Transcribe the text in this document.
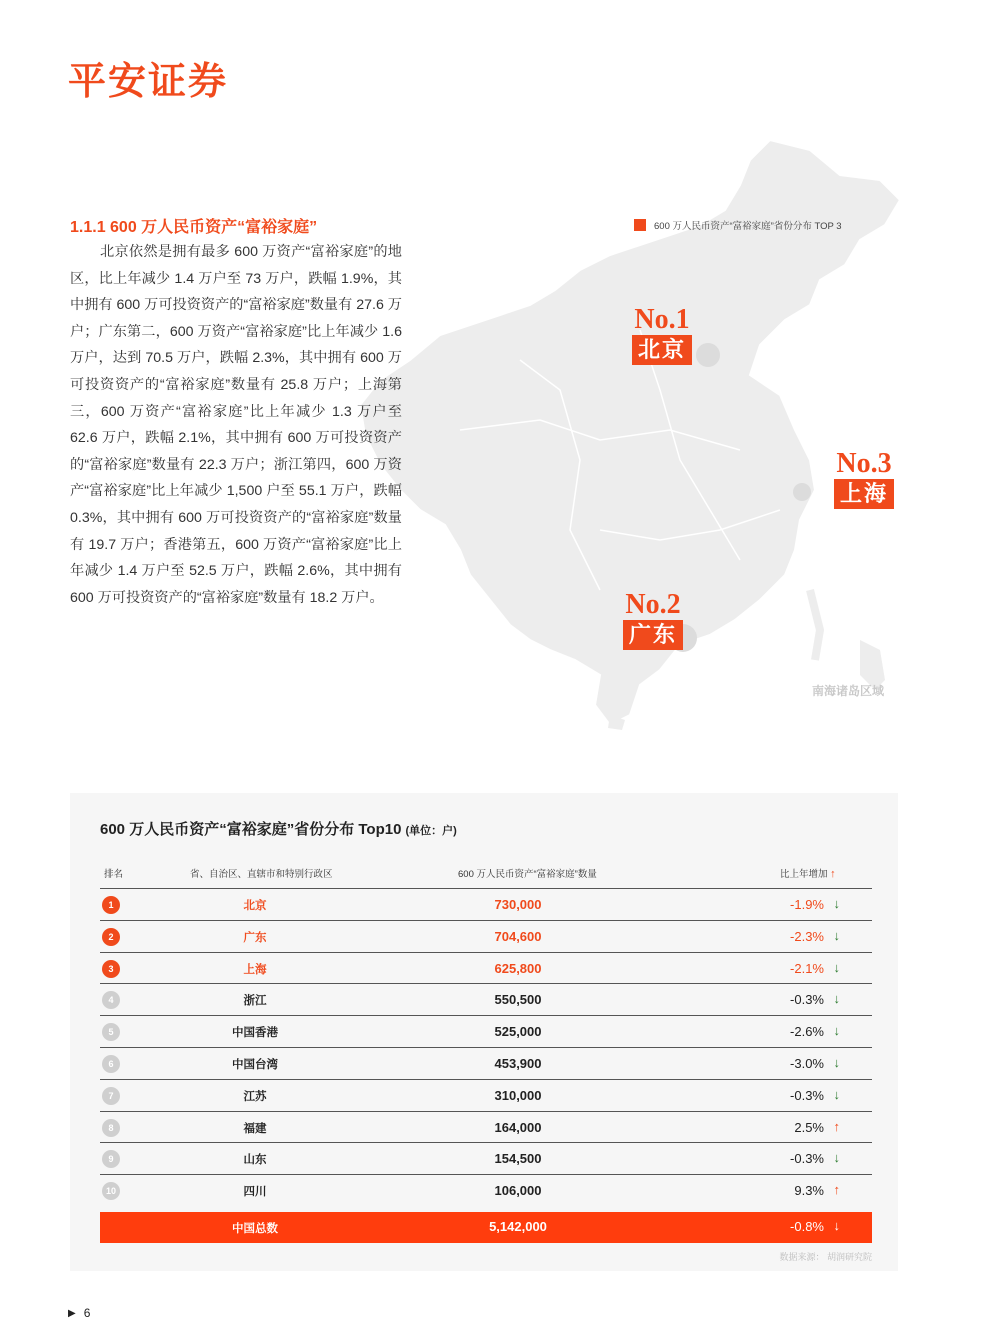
平安证券
600 万人民币资产“富裕家庭”省份分布 TOP 3
No.1
北京
No.2
广东
No.3
上海
南海诸岛区域
1.1.1 600 万人民币资产“富裕家庭”
北京依然是拥有最多 600 万资产“富裕家庭”的地区，比上年减少 1.4 万户至 73 万户，跌幅 1.9%，其中拥有 600 万可投资资产的“富裕家庭”数量有 27.6 万户；广东第二，600 万资产“富裕家庭”比上年减少 1.6 万户，达到 70.5 万户，跌幅 2.3%，其中拥有 600 万可投资资产的“富裕家庭”数量有 25.8 万户；上海第三，600 万资产“富裕家庭”比上年减少 1.3 万户至 62.6 万户，跌幅 2.1%，其中拥有 600 万可投资资产的“富裕家庭”数量有 22.3 万户；浙江第四，600 万资产“富裕家庭”比上年减少 1,500 户至 55.1 万户，跌幅 0.3%，其中拥有 600 万可投资资产的“富裕家庭”数量有 19.7 万户；香港第五，600 万资产“富裕家庭”比上年减少 1.4 万户至 52.5 万户，跌幅 2.6%，其中拥有 600 万可投资资产的“富裕家庭”数量有 18.2 万户。
600 万人民币资产“富裕家庭”省份分布 Top10 (单位：户)
排名	省、自治区、直辖市和特别行政区	600 万人民币资产“富裕家庭”数量	比上年增加 ↑
1	北京	730,000	-1.9% ↓
2	广东	704,600	-2.3% ↓
3	上海	625,800	-2.1% ↓
4	浙江	550,500	-0.3% ↓
5	中国香港	525,000	-2.6% ↓
6	中国台湾	453,900	-3.0% ↓
7	江苏	310,000	-0.3% ↓
8	福建	164,000	2.5% ↑
9	山东	154,500	-0.3% ↓
10	四川	106,000	9.3% ↑
中国总数	5,142,000	-0.8% ↓
数据来源： 胡润研究院
▶ 6
